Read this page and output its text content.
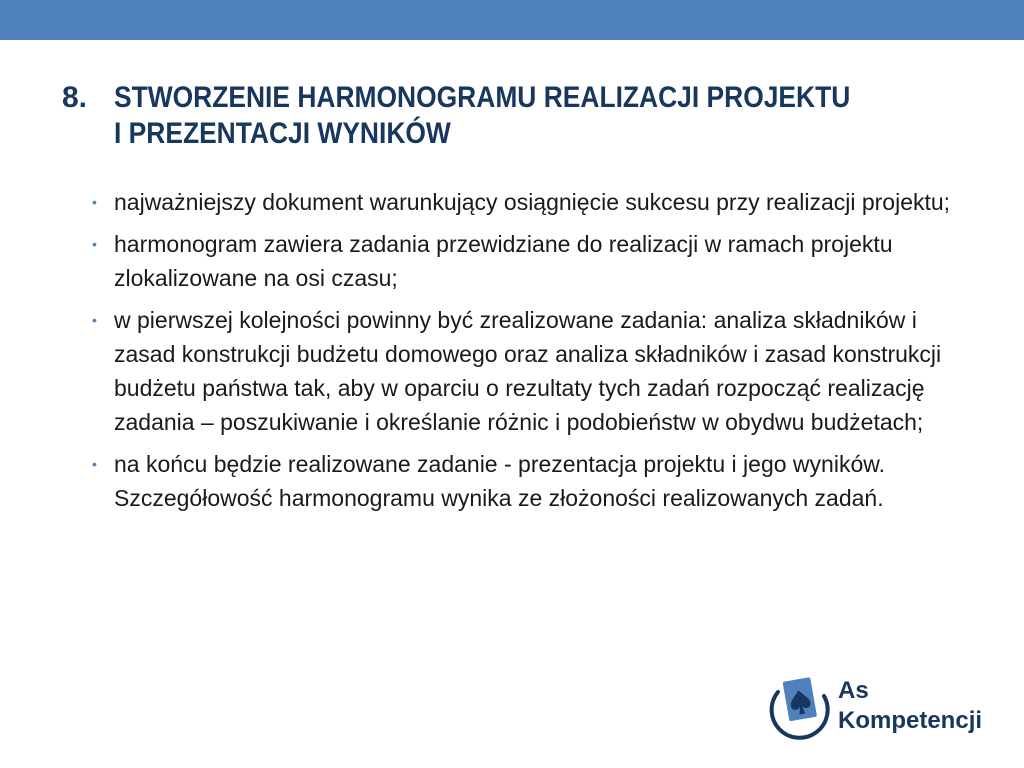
8. STWORZENIE HARMONOGRAMU REALIZACJI PROJEKTU I PREZENTACJI WYNIKÓW
• najważniejszy dokument warunkujący osiągnięcie sukcesu przy realizacji projektu;
• harmonogram zawiera zadania przewidziane do realizacji w ramach projektu zlokalizowane na osi czasu;
• w pierwszej kolejności powinny być zrealizowane zadania: analiza składników i zasad konstrukcji budżetu domowego oraz analiza składników i zasad konstrukcji budżetu państwa tak, aby w oparciu o rezultaty tych zadań rozpocząć realizację zadania – poszukiwanie i określanie różnic i podobieństw w obydwu budżetach;
• na końcu będzie realizowane zadanie - prezentacja projektu i jego wyników. Szczegółowość harmonogramu wynika ze złożoności realizowanych zadań.
As
Kompetencji
